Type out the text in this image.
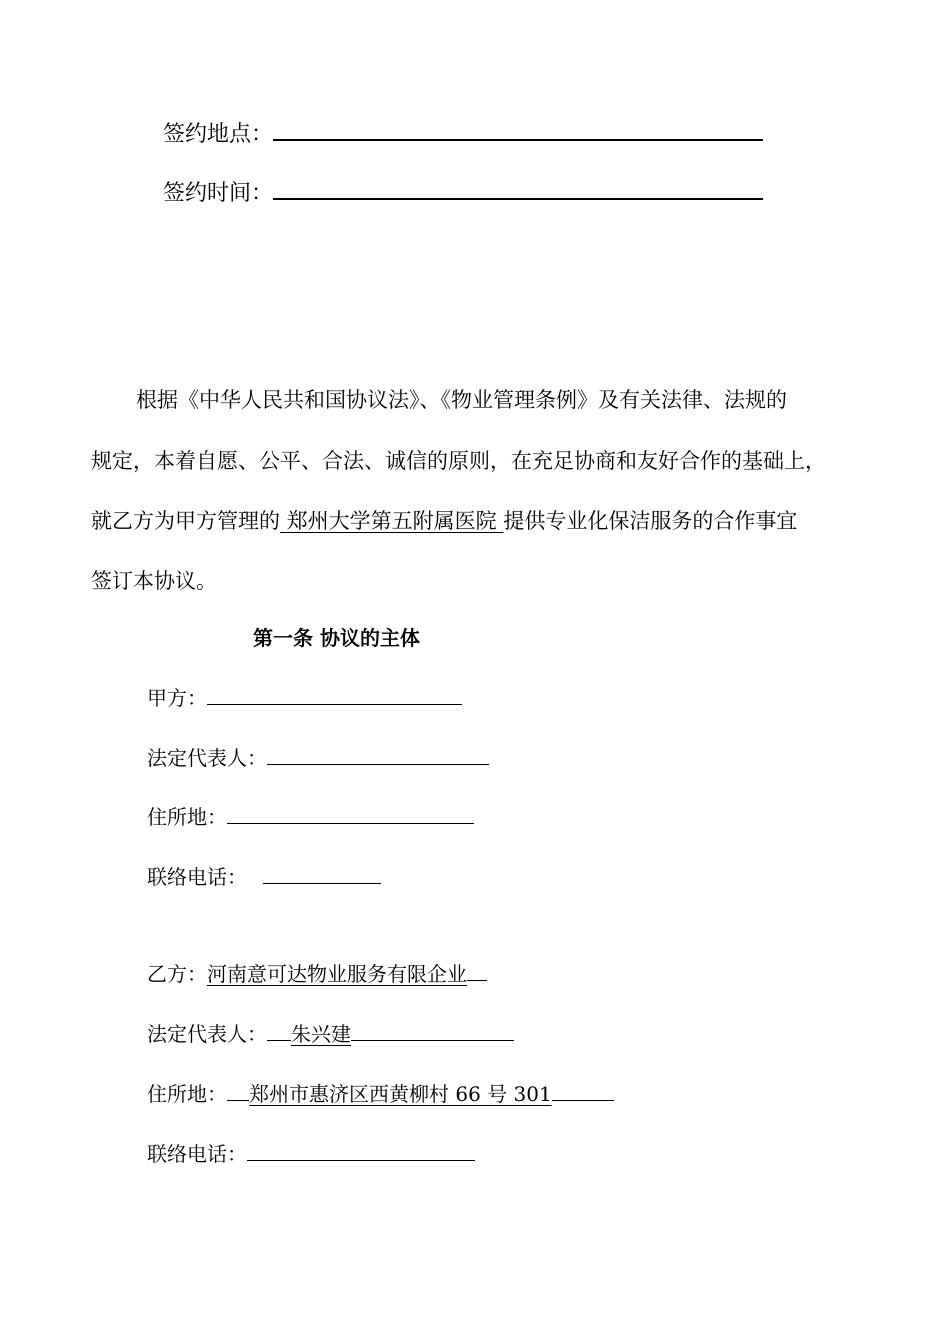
签约地点：
签约时间：
根据《中华人民共和国协议法》、《物业管理条例》及有关法律、法规的
规定，本着自愿、公平、合法、诚信的原则，在充足协商和友好合作的基础上，
就乙方为甲方管理的 郑州大学第五附属医院 提供专业化保洁服务的合作事宜
签订本协议。
第一条 协议的主体
甲方：
法定代表人：
住所地：
联络电话：
乙方：河南意可达物业服务有限企业
法定代表人： 朱兴建
住所地： 郑州市惠济区西黄柳村 66 号 301
联络电话：
